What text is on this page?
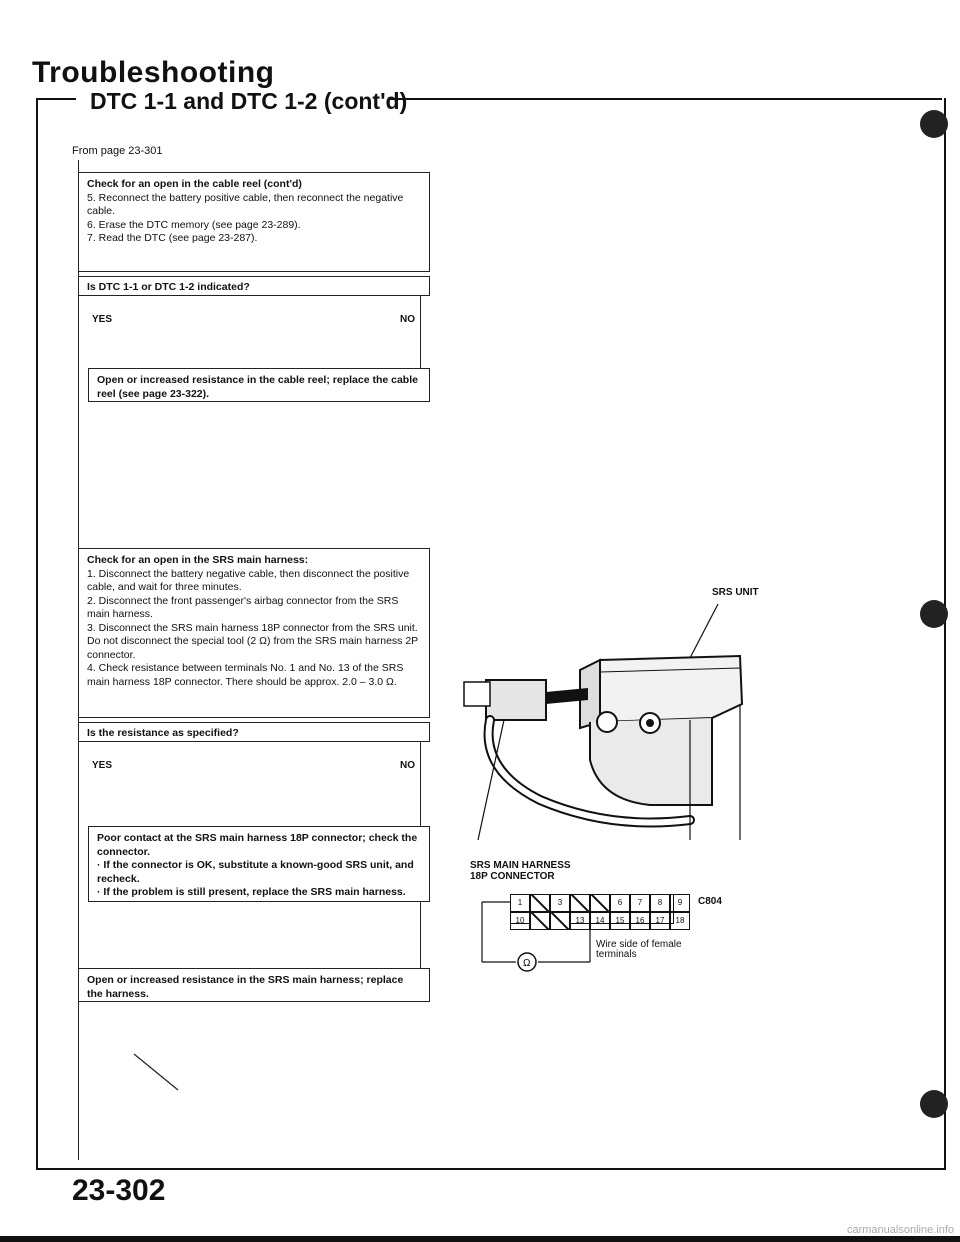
Troubleshooting
DTC 1-1 and DTC 1-2 (cont'd)
From page 23-301
Check for an open in the cable reel (cont'd)
5. Reconnect the battery positive cable, then reconnect the negative cable.
6. Erase the DTC memory (see page 23-289).
7. Read the DTC (see page 23-287).
Is DTC 1-1 or DTC 1-2 indicated?
YES	NO
Open or increased resistance in the cable reel; replace the cable reel (see page 23-322).
Check for an open in the SRS main harness:
1. Disconnect the battery negative cable, then disconnect the positive cable, and wait for three minutes.
2. Disconnect the front passenger's airbag connector from the SRS main harness.
3. Disconnect the SRS main harness 18P connector from the SRS unit. Do not disconnect the special tool (2 Ω) from the SRS main harness 2P connector.
4. Check resistance between terminals No. 1 and No. 13 of the SRS main harness 18P connector. There should be approx. 2.0 – 3.0 Ω.
Is the resistance as specified?
YES	NO
Poor contact at the SRS main harness 18P connector; check the connector.
· If the connector is OK, substitute a known-good SRS unit, and recheck.
· If the problem is still present, replace the SRS main harness.
Open or increased resistance in the SRS main harness; replace the harness.
SRS UNIT
SRS MAIN HARNESS
18P CONNECTOR
Ω
1	3	6	7	8	9
10	13	14	15	16	17	18
C804
Wire side of female
terminals
23-302
carmanualsonline.info
